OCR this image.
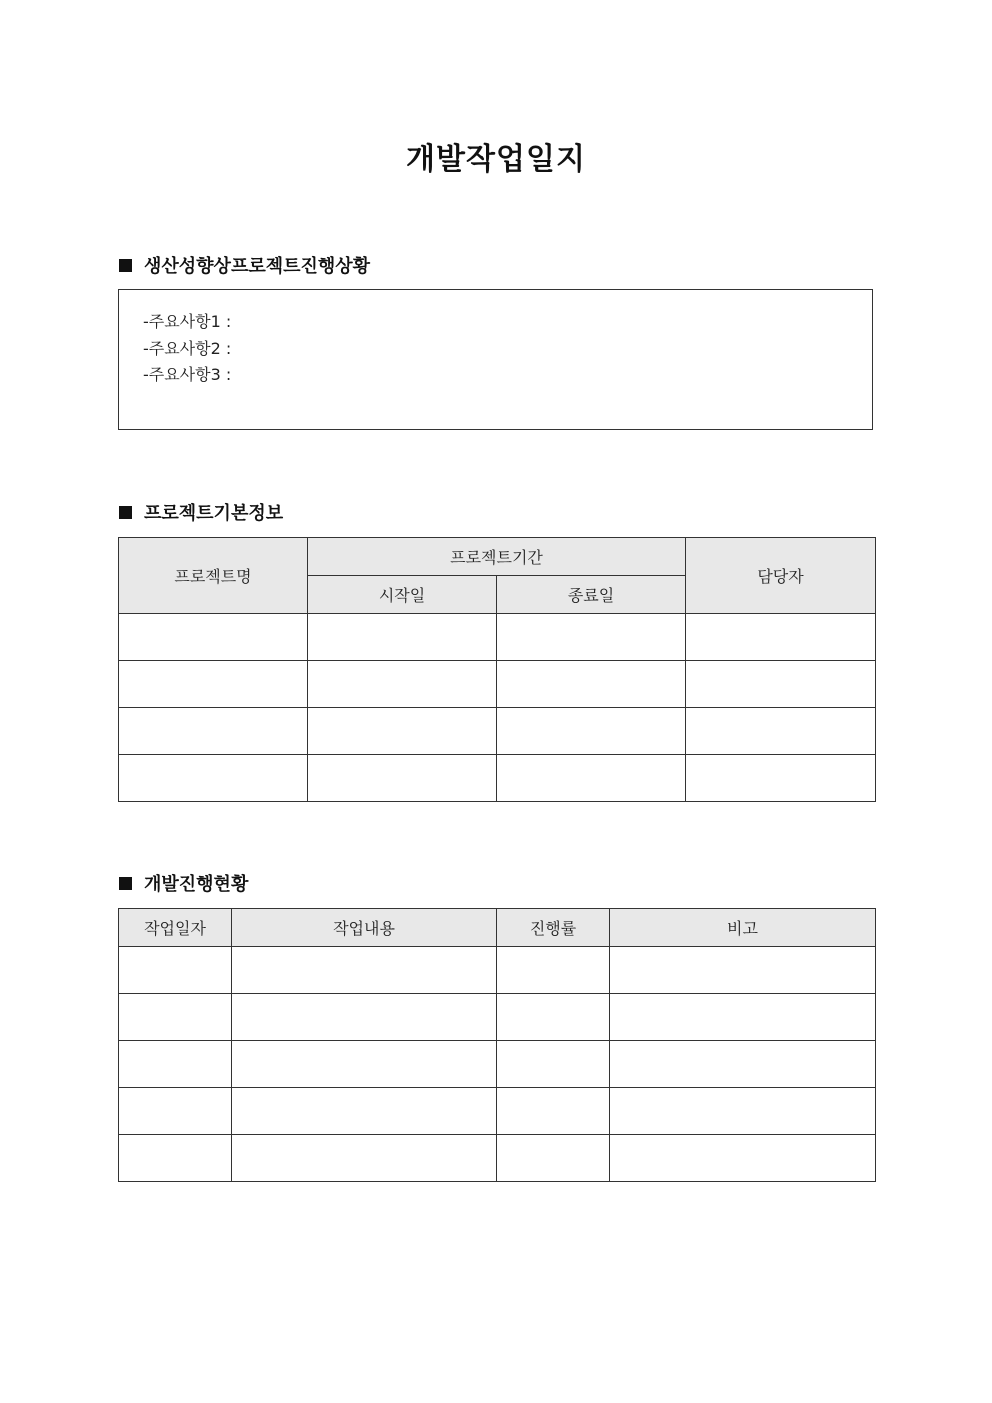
개발작업일지
생산성향상프로젝트진행상황
-주요사항1 :
-주요사항2 :
-주요사항3 :
프로젝트기본정보
프로젝트명	프로젝트기간		담당자
	시작일	종료일	

개발진행현황
작업일자	작업내용	진행률	비고
